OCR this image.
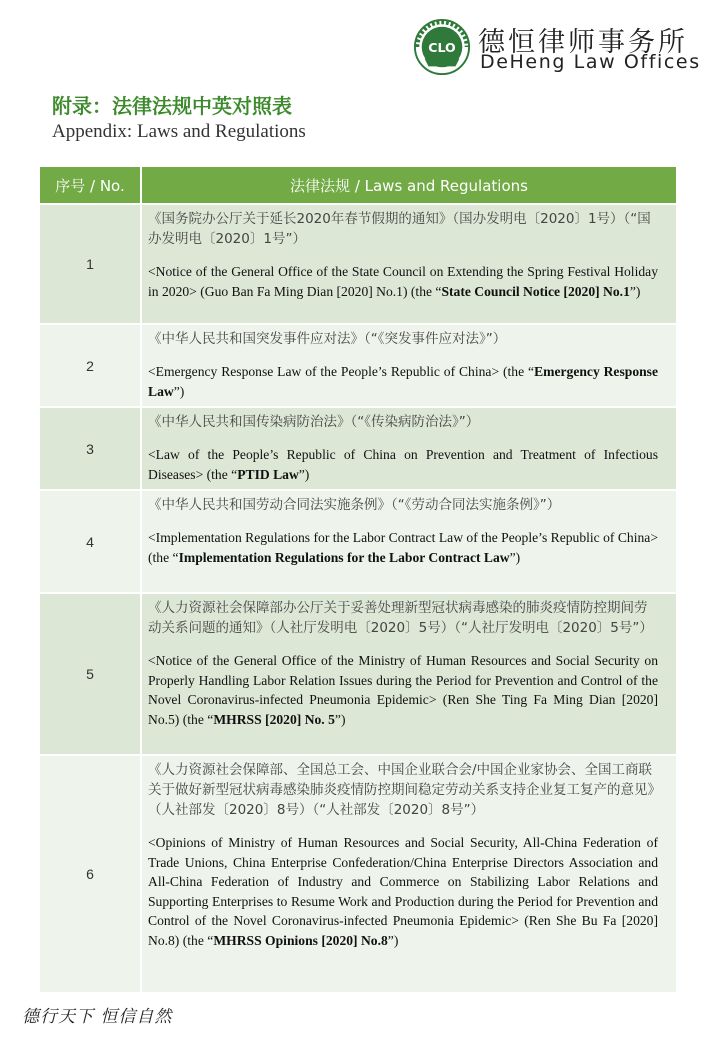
CLO 德恒律师事务所
DeHeng Law Offices
附录：法律法规中英对照表
Appendix: Laws and Regulations
序号 / No.	法律法规 / Laws and Regulations
1

《国务院办公厅关于延长2020年春节假期的通知》（国办发明电〔2020〕1号）（“国办发明电〔2020〕1号”）

<Notice of the General Office of the State Council on Extending the Spring Festival Holiday in 2020> (Guo Ban Fa Ming Dian [2020] No.1) (the “State Council Notice [2020] No.1”)

2

《中华人民共和国突发事件应对法》（“《突发事件应对法》”）

<Emergency Response Law of the People’s Republic of China> (the “Emergency Response Law”)

3

《中华人民共和国传染病防治法》（“《传染病防治法》”）

<Law of the People’s Republic of China on Prevention and Treatment of Infectious Diseases> (the “PTID Law”)

4

《中华人民共和国劳动合同法实施条例》（“《劳动合同法实施条例》”）

<Implementation Regulations for the Labor Contract Law of the People’s Republic of China>(the “Implementation Regulations for the Labor Contract Law”)

5

《人力资源社会保障部办公厅关于妥善处理新型冠状病毒感染的肺炎疫情防控期间劳动关系问题的通知》（人社厅发明电〔2020〕5号）（“人社厅发明电〔2020〕5号”）

<Notice of the General Office of the Ministry of Human Resources and Social Security on Properly Handling Labor Relation Issues during the Period for Prevention and Control of the Novel Coronavirus-infected Pneumonia Epidemic> (Ren She Ting Fa Ming Dian [2020] No.5) (the “MHRSS [2020] No. 5”)

6

《人力资源社会保障部、全国总工会、中国企业联合会/中国企业家协会、全国工商联关于做好新型冠状病毒感染肺炎疫情防控期间稳定劳动关系支持企业复工复产的意见》（人社部发〔2020〕8号）（“人社部发〔2020〕8号”）

<Opinions of Ministry of Human Resources and Social Security, All-China Federation of Trade Unions, China Enterprise Confederation/China Enterprise Directors Association and All-China Federation of Industry and Commerce on Stabilizing Labor Relations and Supporting Enterprises to Resume Work and Production during the Period for Prevention and Control of the Novel Coronavirus-infected Pneumonia Epidemic> (Ren She Bu Fa [2020] No.8) (the “MHRSS Opinions [2020] No.8”)

德行天下 恒信自然
